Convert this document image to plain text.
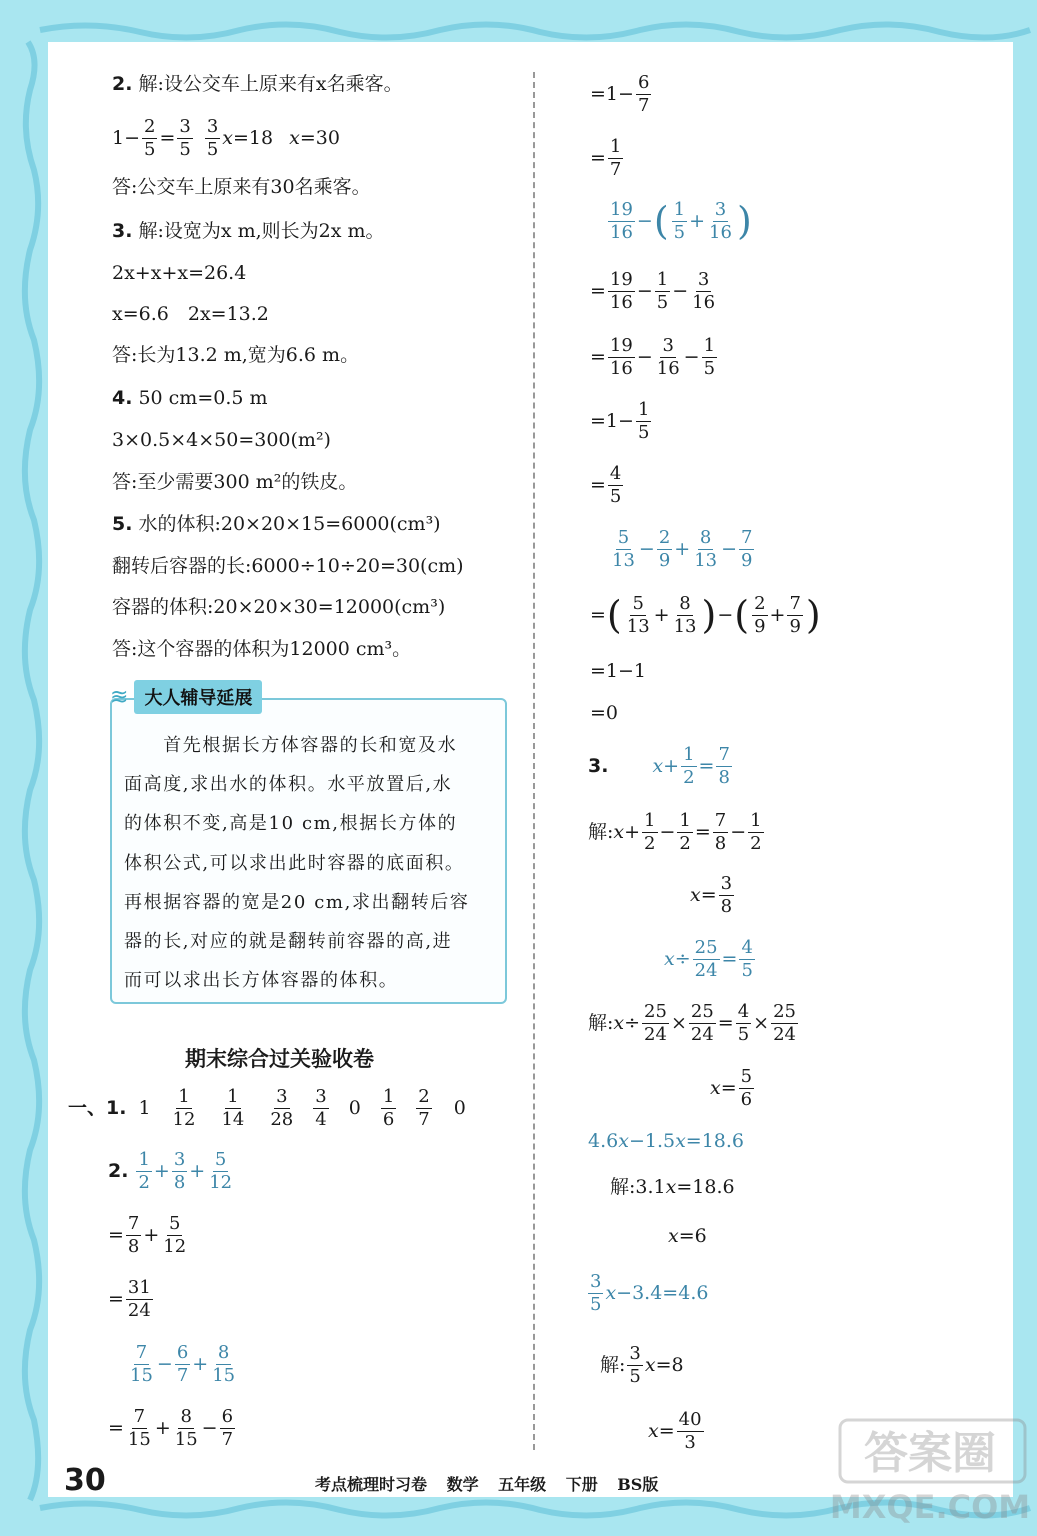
2. 解:设公交车上原来有x名乘客。
$1- \frac{2}{5} = \frac{3}{5} \frac{3}{5}$ x =18 x =30
答:公交车上原来有30名乘客。
3. 解:设宽为x m,则长为2x m。
2x+x+x=26.4
x=6.6　2x=13.2
答:长为13.2 m,宽为6.6 m。
4. 50 cm=0.5 m
3×0.5×4×50=300(m²)
答:至少需要300 m²的铁皮。
5. 水的体积:20×20×15=6000(cm³)
翻转后容器的长:6000÷10÷20=30(cm)
容器的体积:20×20×30=12000(cm³)
答:这个容器的体积为12000 cm³。
≋ 大人辅导延展
　　首先根据长方体容器的长和宽及水
面高度,求出水的体积。水平放置后,水
的体积不变,高是10 cm,根据长方体的
体积公式,可以求出此时容器的底面积。
再根据容器的宽是20 cm,求出翻转后容
器的长,对应的就是翻转前容器的高,进
而可以求出长方体容器的体积。
期末综合过关验收卷
一、1. $1 \frac{1}{12} \frac{1}{14} \frac{3}{28} \frac{3}{4} 0 \frac{1}{6} \frac{2}{7} 0$
2. $\frac{1}{2} + \frac{3}{8} + \frac{5}{12}$
= $\frac{7}{8} + \frac{5}{12}$
= $\frac{31}{24}$
$\frac{7}{15} - \frac{6}{7} + \frac{8}{15}$
= $\frac{7}{15} + \frac{8}{15} - \frac{6}{7}$
30	考点梳理时习卷 数学 五年级 下册 BS版
$=1- \frac{6}{7}$
= $\frac{1}{7}$
$\frac{19}{16}$ − ( $\frac{1}{5} + \frac{3}{16}$ )
= $\frac{19}{16} - \frac{1}{5} - \frac{3}{16}$
= $\frac{19}{16} - \frac{3}{16} - \frac{1}{5}$
$=1- \frac{1}{5}$
= $\frac{4}{5}$
$\frac{5}{13} - \frac{2}{9} + \frac{8}{13} - \frac{7}{9}$
= ( $\frac{5}{13} + \frac{8}{13}$ ) − ( $\frac{2}{9} + \frac{7}{9}$ )
=1−1
=0
3. $x + \frac{1}{2} = \frac{7}{8}$
解: $x + \frac{1}{2} - \frac{1}{2} = \frac{7}{8} - \frac{1}{2}$
$x = \frac{3}{8}$
$x \div \frac{25}{24} = \frac{4}{5}$
解: $x \div \frac{25}{24} \times \frac{25}{24} = \frac{4}{5} \times \frac{25}{24}$
$x = \frac{5}{6}$
4.6 x −1.5 x =18.6
解: 3.1 x =18.6
x =6
$\frac{3}{5}$ x −3.4=4.6
解: $\frac{3}{5}$ x =8
$x = \frac{40}{3}$	答案圈
MXQE.COM
